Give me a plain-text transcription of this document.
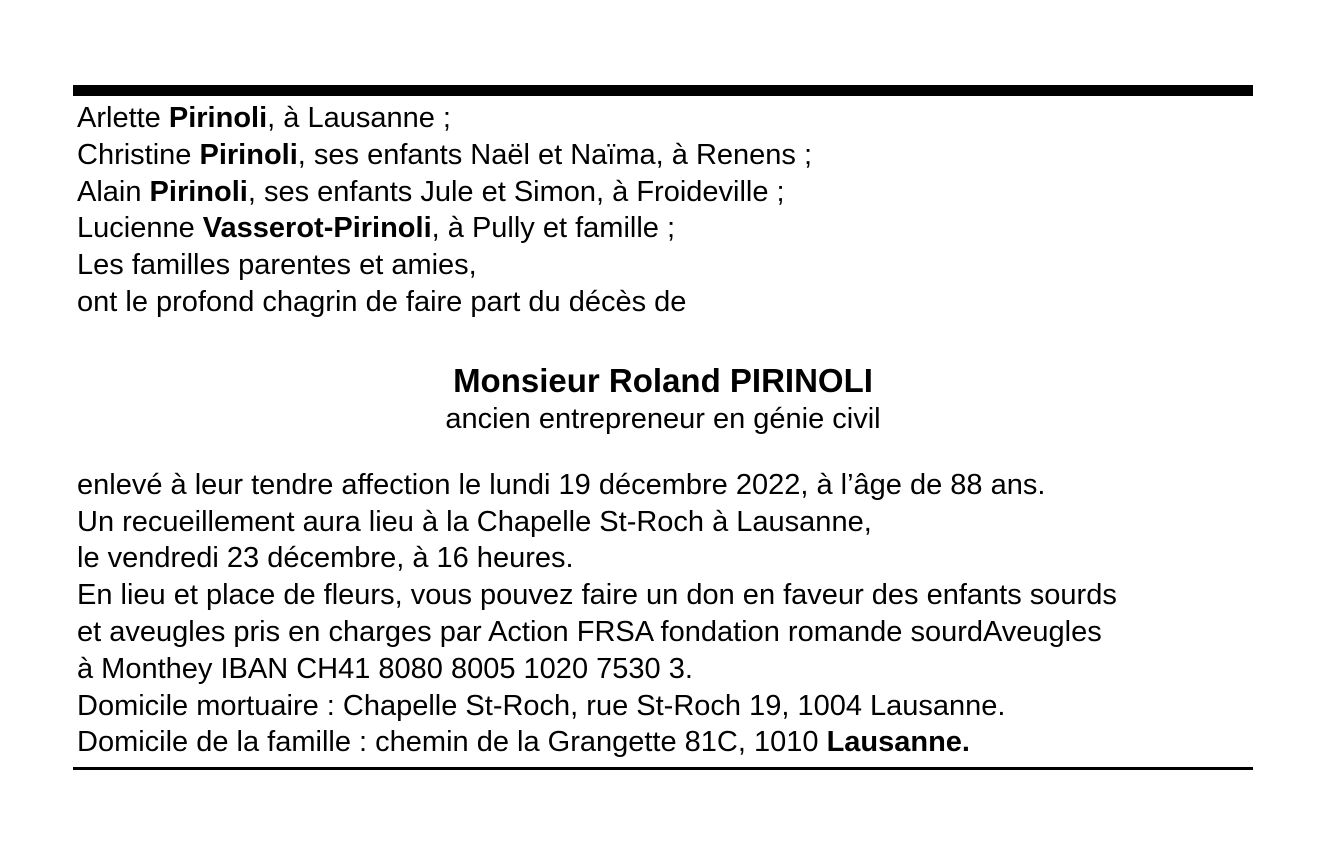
Arlette Pirinoli, à Lausanne ;

Christine Pirinoli, ses enfants Naël et Naïma, à Renens ;

Alain Pirinoli, ses enfants Jule et Simon, à Froideville ;

Lucienne Vasserot-Pirinoli, à Pully et famille ;

Les familles parentes et amies,

ont le profond chagrin de faire part du décès de

Monsieur Roland PIRINOLI

ancien entrepreneur en génie civil

enlevé à leur tendre affection le lundi 19 décembre 2022, à l’âge de 88 ans.

Un recueillement aura lieu à la Chapelle St-Roch à Lausanne,

le vendredi 23 décembre, à 16 heures.

En lieu et place de fleurs, vous pouvez faire un don en faveur des enfants sourds

et aveugles pris en charges par Action FRSA fondation romande sourdAveugles

à Monthey IBAN CH41 8080 8005 1020 7530 3.

Domicile mortuaire : Chapelle St-Roch, rue St-Roch 19, 1004 Lausanne.

Domicile de la famille : chemin de la Grangette 81C, 1010 Lausanne.
